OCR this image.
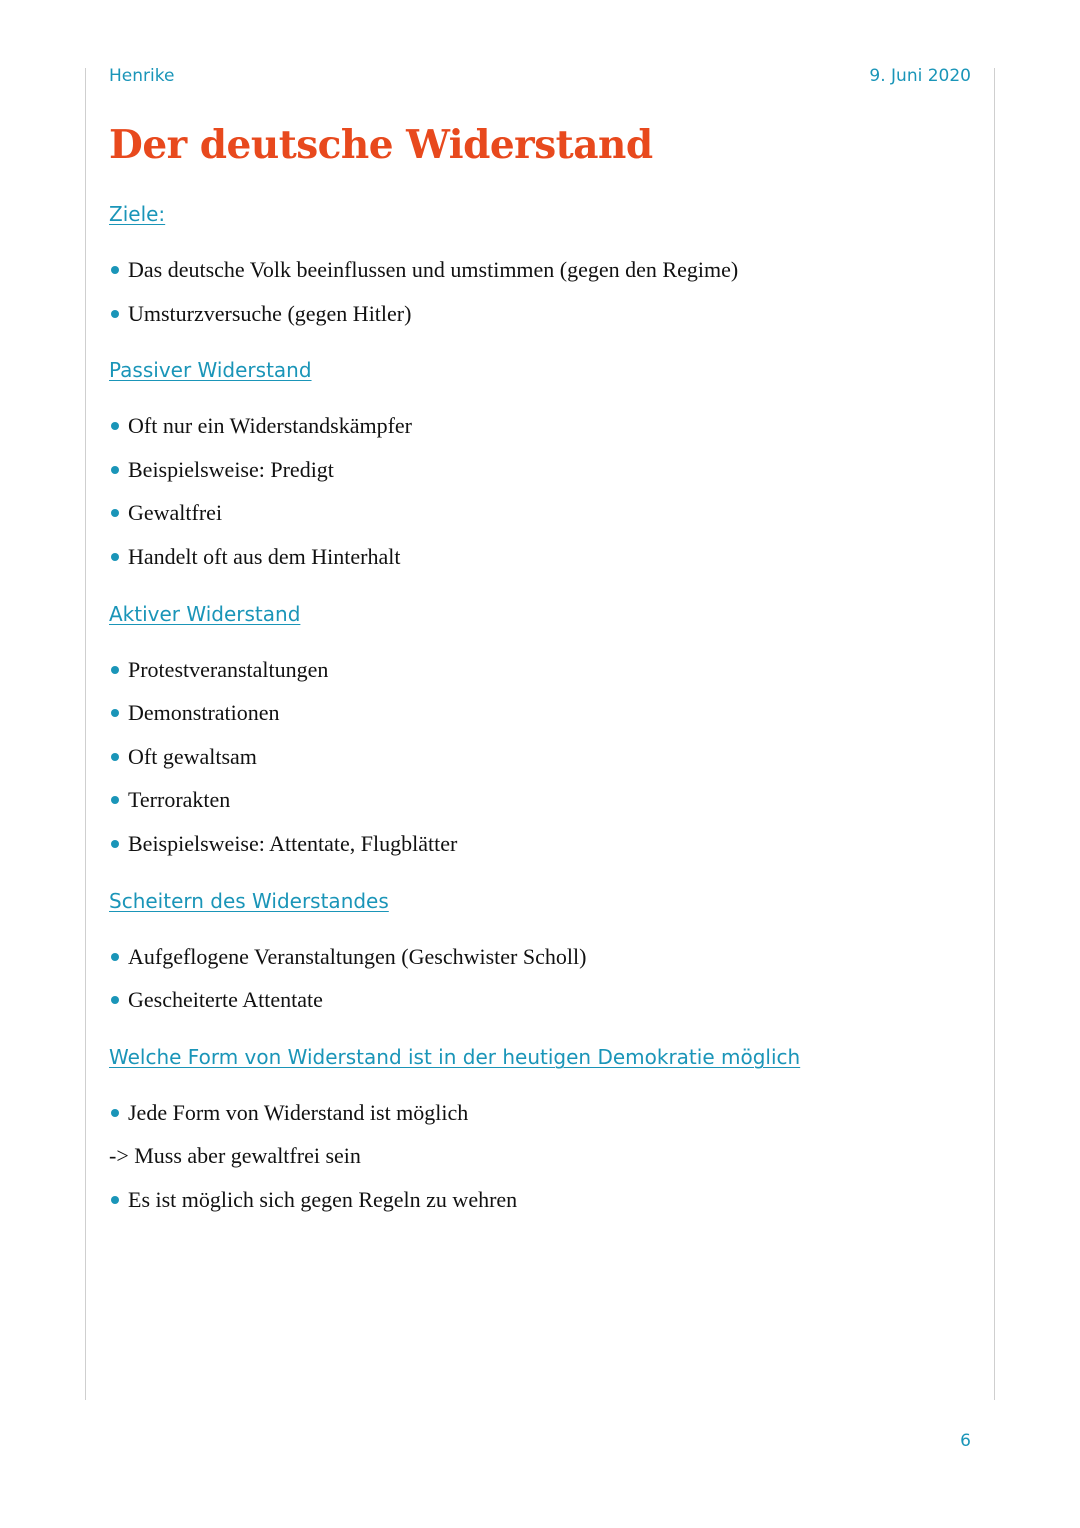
Henrike	9. Juni 2020
Der deutsche Widerstand
Ziele:
Das deutsche Volk beeinflussen und umstimmen (gegen den Regime)
Umsturzversuche (gegen Hitler)
Passiver Widerstand
Oft nur ein Widerstandskämpfer
Beispielsweise: Predigt
Gewaltfrei
Handelt oft aus dem Hinterhalt
Aktiver Widerstand
Protestveranstaltungen
Demonstrationen
Oft gewaltsam
Terrorakten
Beispielsweise: Attentate, Flugblätter
Scheitern des Widerstandes
Aufgeflogene Veranstaltungen (Geschwister Scholl)
Gescheiterte Attentate
Welche Form von Widerstand ist in der heutigen Demokratie möglich
Jede Form von Widerstand ist möglich
-> Muss aber gewaltfrei sein
Es ist möglich sich gegen Regeln zu wehren
6
